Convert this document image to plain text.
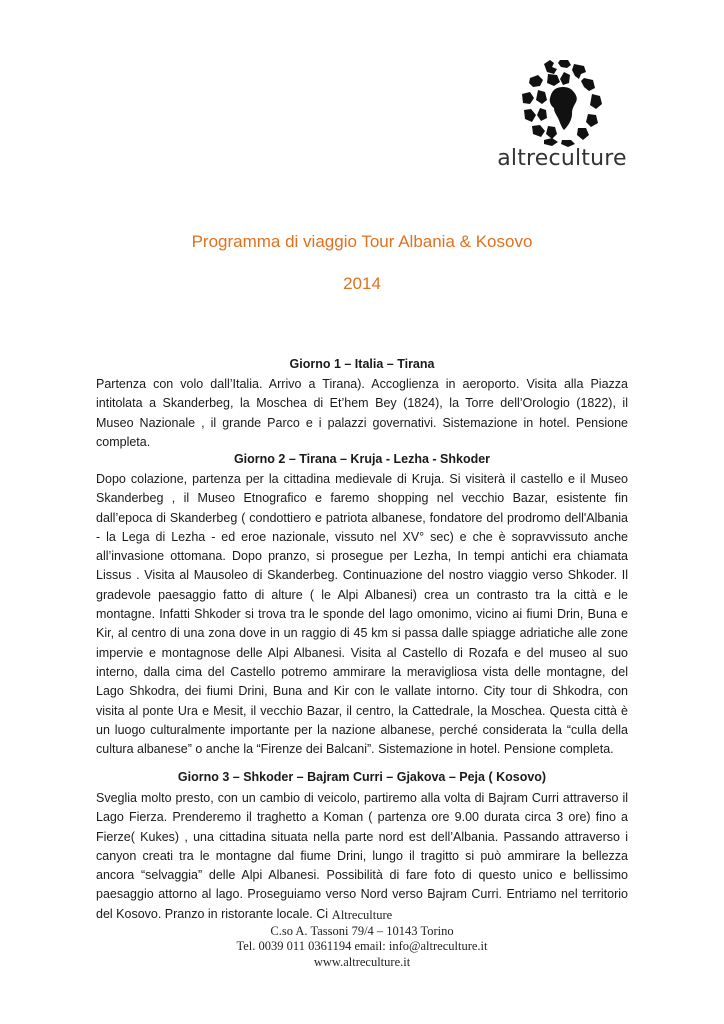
altreculture
Programma di viaggio Tour Albania & Kosovo
2014
Giorno 1 – Italia – Tirana
Partenza con volo dall’Italia. Arrivo a Tirana). Accoglienza in aeroporto. Visita alla Piazza intitolata a Skanderbeg, la Moschea di Et’hem Bey (1824), la Torre dell’Orologio (1822), il Museo Nazionale , il grande Parco e i palazzi governativi. Sistemazione in hotel. Pensione completa.
Giorno 2 – Tirana – Kruja - Lezha - Shkoder
Dopo colazione, partenza per la cittadina medievale di Kruja. Si visiterà il castello e il Museo Skanderbeg , il Museo Etnografico e faremo shopping nel vecchio Bazar, esistente fin dall’epoca di Skanderbeg ( condottiero e patriota albanese, fondatore del prodromo dell'Albania - la Lega di Lezha - ed eroe nazionale, vissuto nel XV° sec) e che è sopravvissuto anche all’invasione ottomana. Dopo pranzo, si prosegue per Lezha, In tempi antichi era chiamata Lissus . Visita al Mausoleo di Skanderbeg. Continuazione del nostro viaggio verso Shkoder. Il gradevole paesaggio fatto di alture ( le Alpi Albanesi) crea un contrasto tra la città e le montagne. Infatti Shkoder si trova tra le sponde del lago omonimo, vicino ai fiumi Drin, Buna e Kir, al centro di una zona dove in un raggio di 45 km si passa dalle spiagge adriatiche alle zone impervie e montagnose delle Alpi Albanesi. Visita al Castello di Rozafa e del museo al suo interno, dalla cima del Castello potremo ammirare la meravigliosa vista delle montagne, del Lago Shkodra, dei fiumi Drini, Buna and Kir con le vallate intorno. City tour di Shkodra, con visita al ponte Ura e Mesit, il vecchio Bazar, il centro, la Cattedrale, la Moschea. Questa città è un luogo culturalmente importante per la nazione albanese, perché considerata la “culla della cultura albanese” o anche la “Firenze dei Balcani”. Sistemazione in hotel. Pensione completa.
Giorno 3 – Shkoder – Bajram Curri – Gjakova – Peja ( Kosovo)
Sveglia molto presto, con un cambio di veicolo, partiremo alla volta di Bajram Curri attraverso il Lago Fierza. Prenderemo il traghetto a Koman ( partenza ore 9.00 durata circa 3 ore) fino a Fierze( Kukes) , una cittadina situata nella parte nord est dell’Albania. Passando attraverso i canyon creati tra le montagne dal fiume Drini, lungo il tragitto si può ammirare la bellezza ancora “selvaggia” delle Alpi Albanesi. Possibilità di fare foto di questo unico e bellissimo paesaggio attorno al lago. Proseguiamo verso Nord verso Bajram Curri. Entriamo nel territorio del Kosovo. Pranzo in ristorante locale. Ci Altreculture
C.so A. Tassoni 79/4 – 10143 Torino
Tel. 0039 011 0361194 email: info@altreculture.it
www.altreculture.it
